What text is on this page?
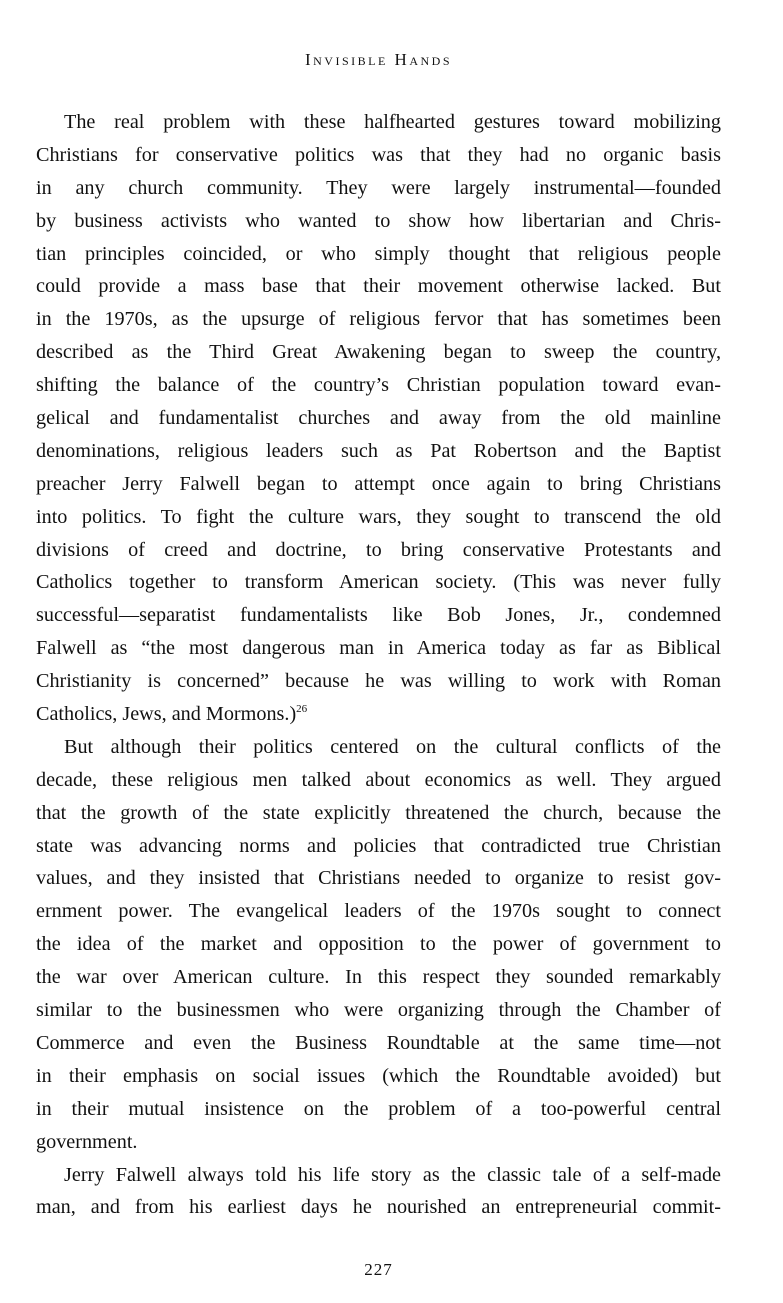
Invisible Hands
The real problem with these halfhearted gestures toward mobilizing
Christians for conservative politics was that they had no organic basis
in any church community. They were largely instrumental—founded
by business activists who wanted to show how libertarian and Chris-
tian principles coincided, or who simply thought that religious people
could provide a mass base that their movement otherwise lacked. But
in the 1970s, as the upsurge of religious fervor that has sometimes been
described as the Third Great Awakening began to sweep the country,
shifting the balance of the country’s Christian population toward evan-
gelical and fundamentalist churches and away from the old mainline
denominations, religious leaders such as Pat Robertson and the Baptist
preacher Jerry Falwell began to attempt once again to bring Christians
into politics. To fight the culture wars, they sought to transcend the old
divisions of creed and doctrine, to bring conservative Protestants and
Catholics together to transform American society. (This was never fully
successful—separatist fundamentalists like Bob Jones, Jr., condemned
Falwell as “the most dangerous man in America today as far as Biblical
Christianity is concerned” because he was willing to work with Roman
Catholics, Jews, and Mormons.)$^{26}$
But although their politics centered on the cultural conflicts of the
decade, these religious men talked about economics as well. They argued
that the growth of the state explicitly threatened the church, because the
state was advancing norms and policies that contradicted true Christian
values, and they insisted that Christians needed to organize to resist gov-
ernment power. The evangelical leaders of the 1970s sought to connect
the idea of the market and opposition to the power of government to
the war over American culture. In this respect they sounded remarkably
similar to the businessmen who were organizing through the Chamber of
Commerce and even the Business Roundtable at the same time—not
in their emphasis on social issues (which the Roundtable avoided) but
in their mutual insistence on the problem of a too-powerful central
government.
Jerry Falwell always told his life story as the classic tale of a self-made
man, and from his earliest days he nourished an entrepreneurial commit-
227
